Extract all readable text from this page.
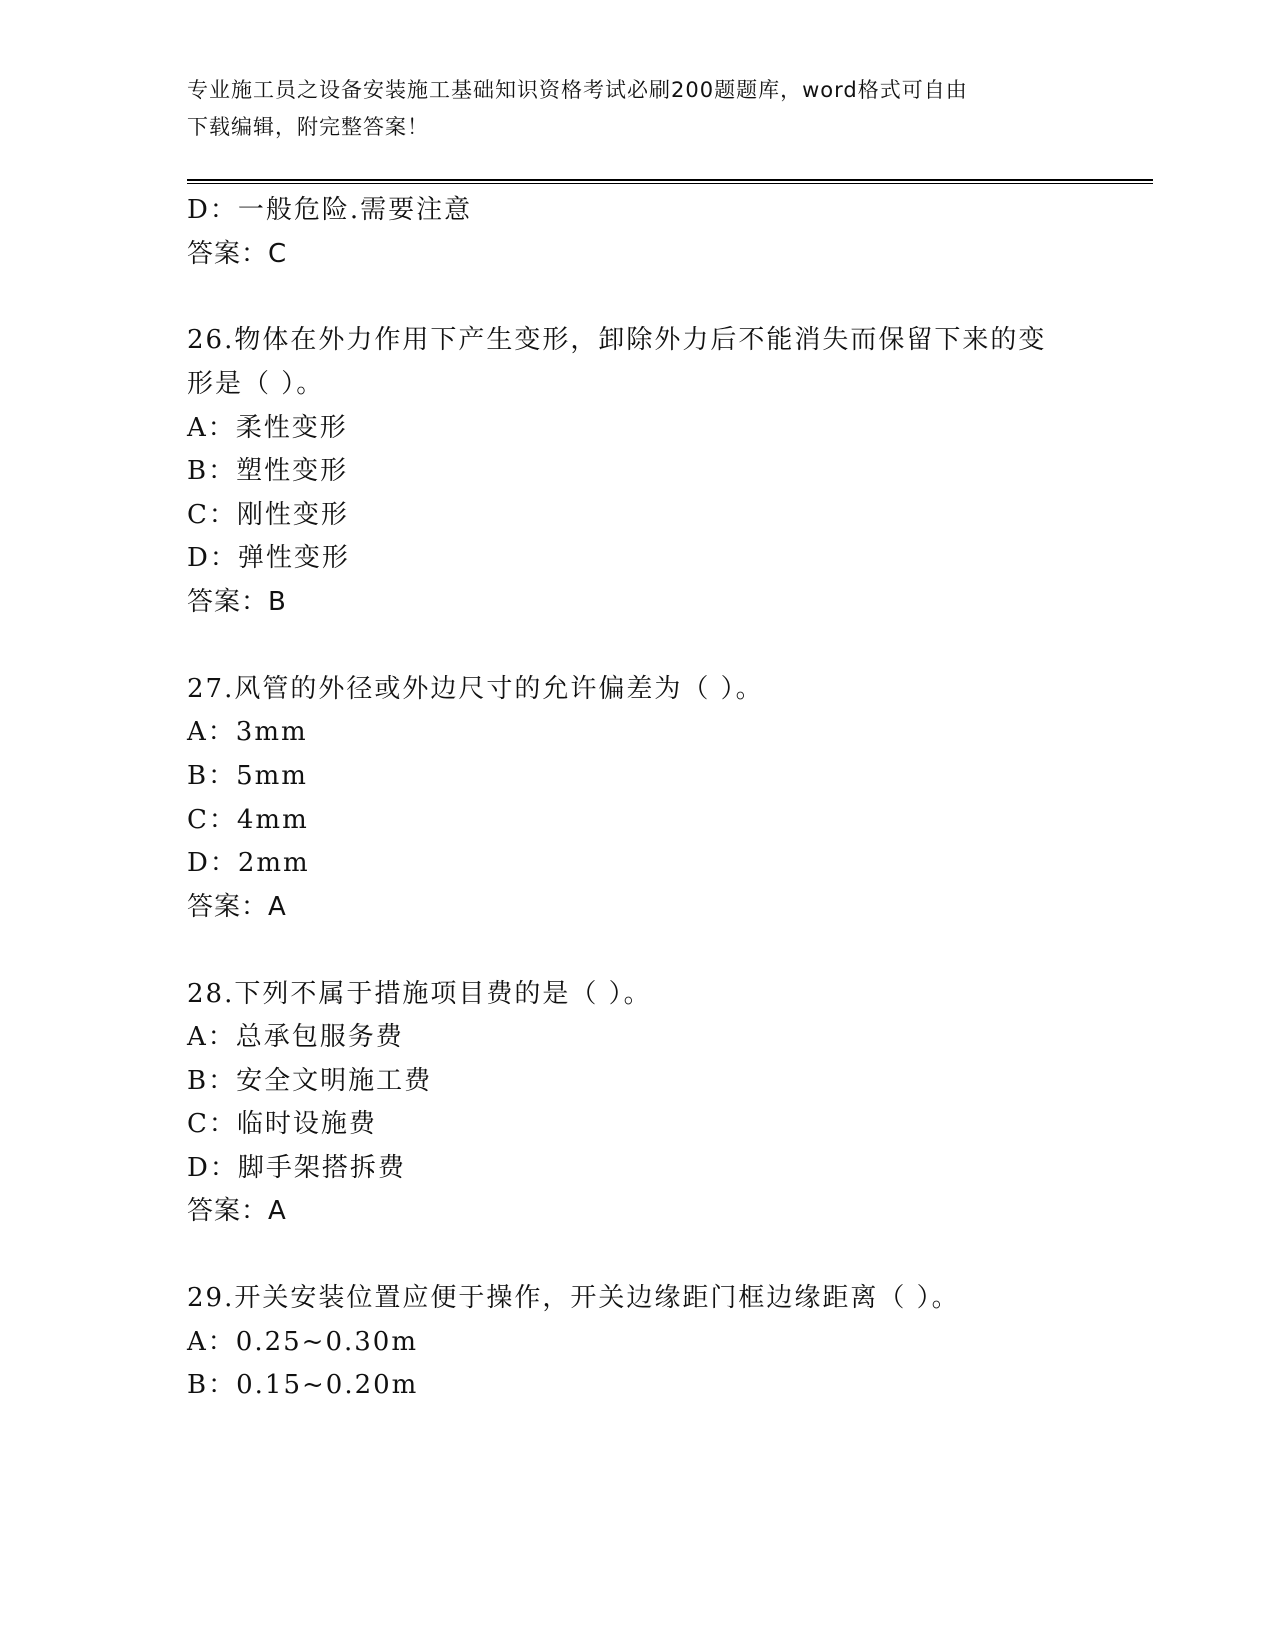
专业施工员之设备安装施工基础知识资格考试必刷200题题库，word格式可自由
下载编辑，附完整答案！
D：一般危险.需要注意
答案：C
26.物体在外力作用下产生变形，卸除外力后不能消失而保留下来的变
形是（ ）。
A：柔性变形
B：塑性变形
C：刚性变形
D：弹性变形
答案：B
27.风管的外径或外边尺寸的允许偏差为（ ）。
A：3mm
B：5mm
C：4mm
D：2mm
答案：A
28.下列不属于措施项目费的是（ ）。
A：总承包服务费
B：安全文明施工费
C：临时设施费
D：脚手架搭拆费
答案：A
29.开关安装位置应便于操作，开关边缘距门框边缘距离（ ）。
A：0.25~0.30m
B：0.15~0.20m
